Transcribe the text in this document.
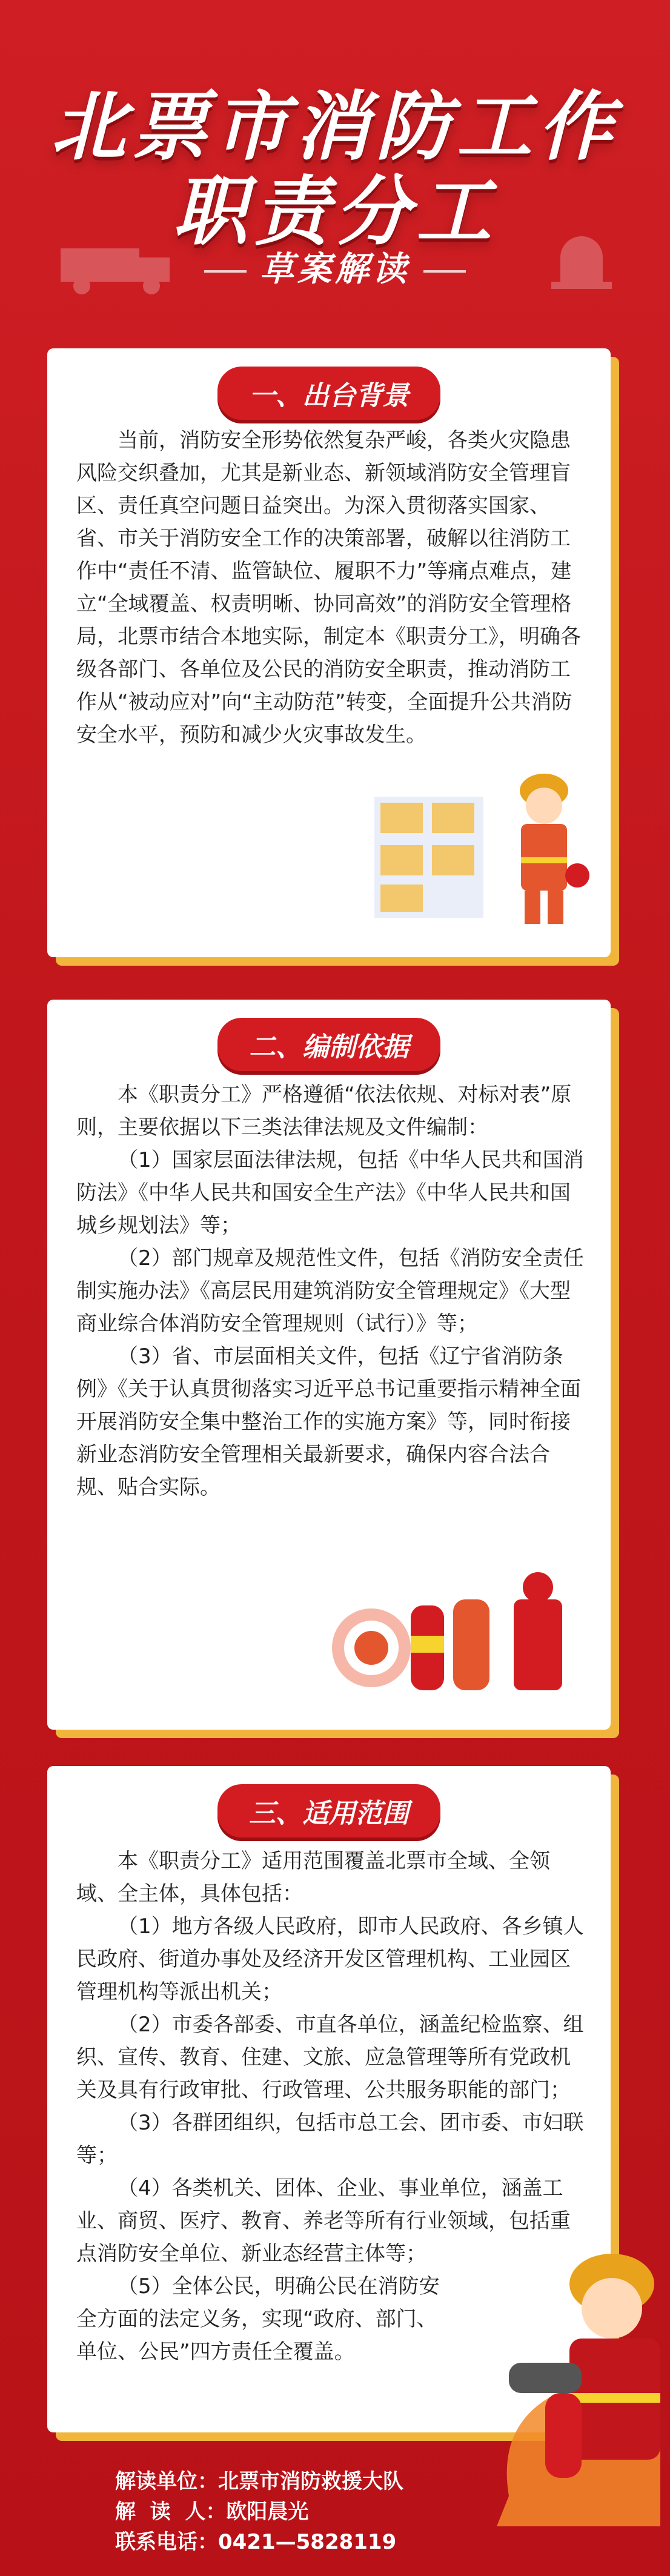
北票市消防工作
职责分工
草案解读
一、出台背景
当前，消防安全形势依然复杂严峻，各类火灾隐患风险交织叠加，尤其是新业态、新领域消防安全管理盲区、责任真空问题日益突出。为深入贯彻落实国家、省、市关于消防安全工作的决策部署，破解以往消防工作中“责任不清、监管缺位、履职不力”等痛点难点，建立“全域覆盖、权责明晰、协同高效”的消防安全管理格局，北票市结合本地实际，制定本《职责分工》，明确各级各部门、各单位及公民的消防安全职责，推动消防工作从“被动应对”向“主动防范”转变，全面提升公共消防安全水平，预防和减少火灾事故发生。
二、编制依据
本《职责分工》严格遵循“依法依规、对标对表”原则，主要依据以下三类法律法规及文件编制：
（1）国家层面法律法规，包括《中华人民共和国消防法》《中华人民共和国安全生产法》《中华人民共和国城乡规划法》等；
（2）部门规章及规范性文件，包括《消防安全责任制实施办法》《高层民用建筑消防安全管理规定》《大型商业综合体消防安全管理规则（试行）》等；
（3）省、市层面相关文件，包括《辽宁省消防条例》《关于认真贯彻落实习近平总书记重要指示精神全面开展消防安全集中整治工作的实施方案》等，同时衔接新业态消防安全管理相关最新要求，确保内容合法合规、贴合实际。
三、适用范围
本《职责分工》适用范围覆盖北票市全域、全领域、全主体，具体包括：
（1）地方各级人民政府，即市人民政府、各乡镇人民政府、街道办事处及经济开发区管理机构、工业园区管理机构等派出机关；
（2）市委各部委、市直各单位，涵盖纪检监察、组织、宣传、教育、住建、文旅、应急管理等所有党政机关及具有行政审批、行政管理、公共服务职能的部门；
（3）各群团组织，包括市总工会、团市委、市妇联等；
（4）各类机关、团体、企业、事业单位，涵盖工业、商贸、医疗、教育、养老等所有行业领域，包括重点消防安全单位、新业态经营主体等；
（5）全体公民，明确公民在消防安全方面的法定义务，实现“政府、部门、单位、公民”四方责任全覆盖。
解读单位：北票市消防救援大队
解  读  人：欧阳晨光
联系电话：0421—5828119
